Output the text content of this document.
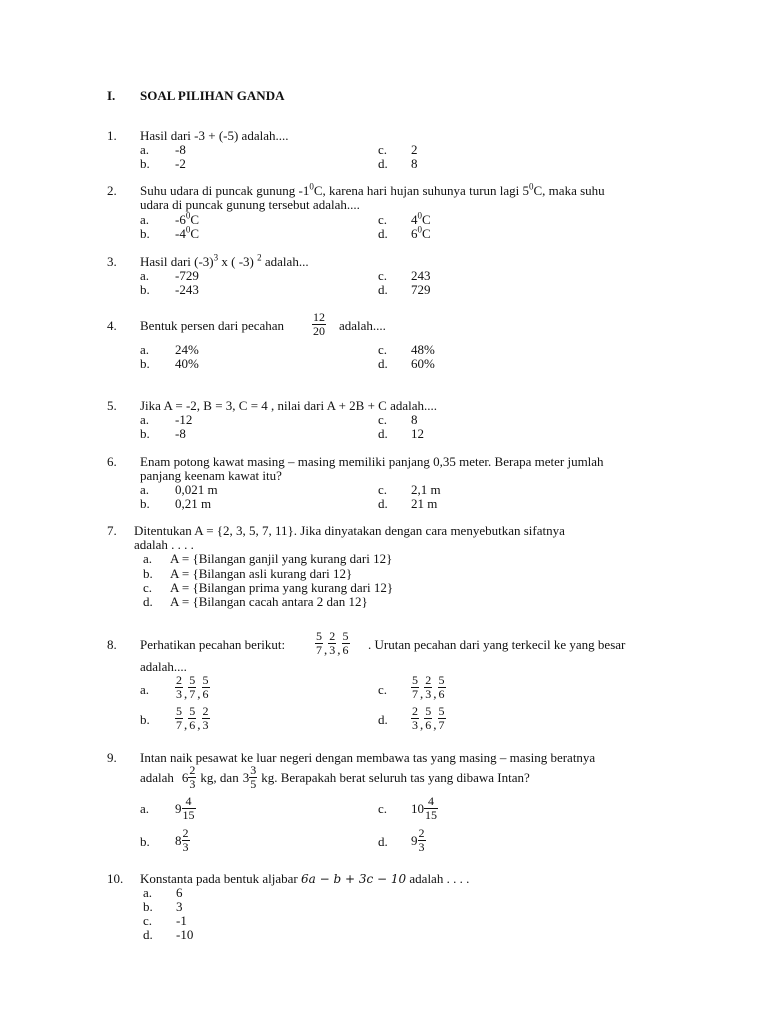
I. SOAL PILIHAN GANDA
1. Hasil dari -3 + (-5) adalah....
a. -8	c. 2
b. -2	d. 8
2. Suhu udara di puncak gunung $-1^0C$, karena hari hujan suhunya turun lagi $5^0C$, maka suhu
udara di puncak gunung tersebut adalah....
a. $-6^0C$	c. $4^0C$
b. $-4^0C$	d. $6^0C$
3. Hasil dari $(-3)^3$ x ( -3) $^2$ adalah...
a. -729	c. 243
b. -243	d. 729
4. Bentuk persen dari pecahan $\frac{12}{20}$ adalah....
a. 24%	c. 48%
b. 40%	d. 60%
5. Jika A = -2, B = 3, C = 4 , nilai dari A + 2B + C adalah....
a. -12	c. 8
b. -8	d. 12
6. Enam potong kawat masing – masing memiliki panjang 0,35 meter. Berapa meter jumlah
panjang keenam kawat itu?
a. 0,021 m	c. 2,1 m
b. 0,21 m	d. 21 m
7. Ditentukan A = {2, 3, 5, 7, 11}. Jika dinyatakan dengan cara menyebutkan sifatnya
adalah . . . .
a. A = {Bilangan ganjil yang kurang dari 12}
b. A = {Bilangan asli kurang dari 12}
c. A = {Bilangan prima yang kurang dari 12}
d. A = {Bilangan cacah antara 2 dan 12}
8. Perhatikan pecahan berikut: $\frac{5}{7}$ , $\frac{2}{3}$ , $\frac{5}{6}$ . Urutan pecahan dari yang terkecil ke yang besar
adalah....
a. $\frac{2}{3}$ , $\frac{5}{7}$ , $\frac{5}{6}$	c. $\frac{5}{7}$ , $\frac{2}{3}$ , $\frac{5}{6}$
b. $\frac{5}{7}$ , $\frac{5}{6}$ , $\frac{2}{3}$	d. $\frac{2}{3}$ , $\frac{5}{6}$ , $\frac{5}{7}$
9. Intan naik pesawat ke luar negeri dengan membawa tas yang masing – masing beratnya
adalah $6 \frac{2}{3}$ kg, dan $3 \frac{3}{5}$ kg. Berapakah berat seluruh tas yang dibawa Intan?
a. $9 \frac{4}{15}$	c. $10 \frac{4}{15}$
b. $8 \frac{2}{3}$	d. $9 \frac{2}{3}$
10. Konstanta pada bentuk aljabar 6a − b + 3c − 10 adalah . . . .
a. 6
b. 3
c. -1
d. -10
